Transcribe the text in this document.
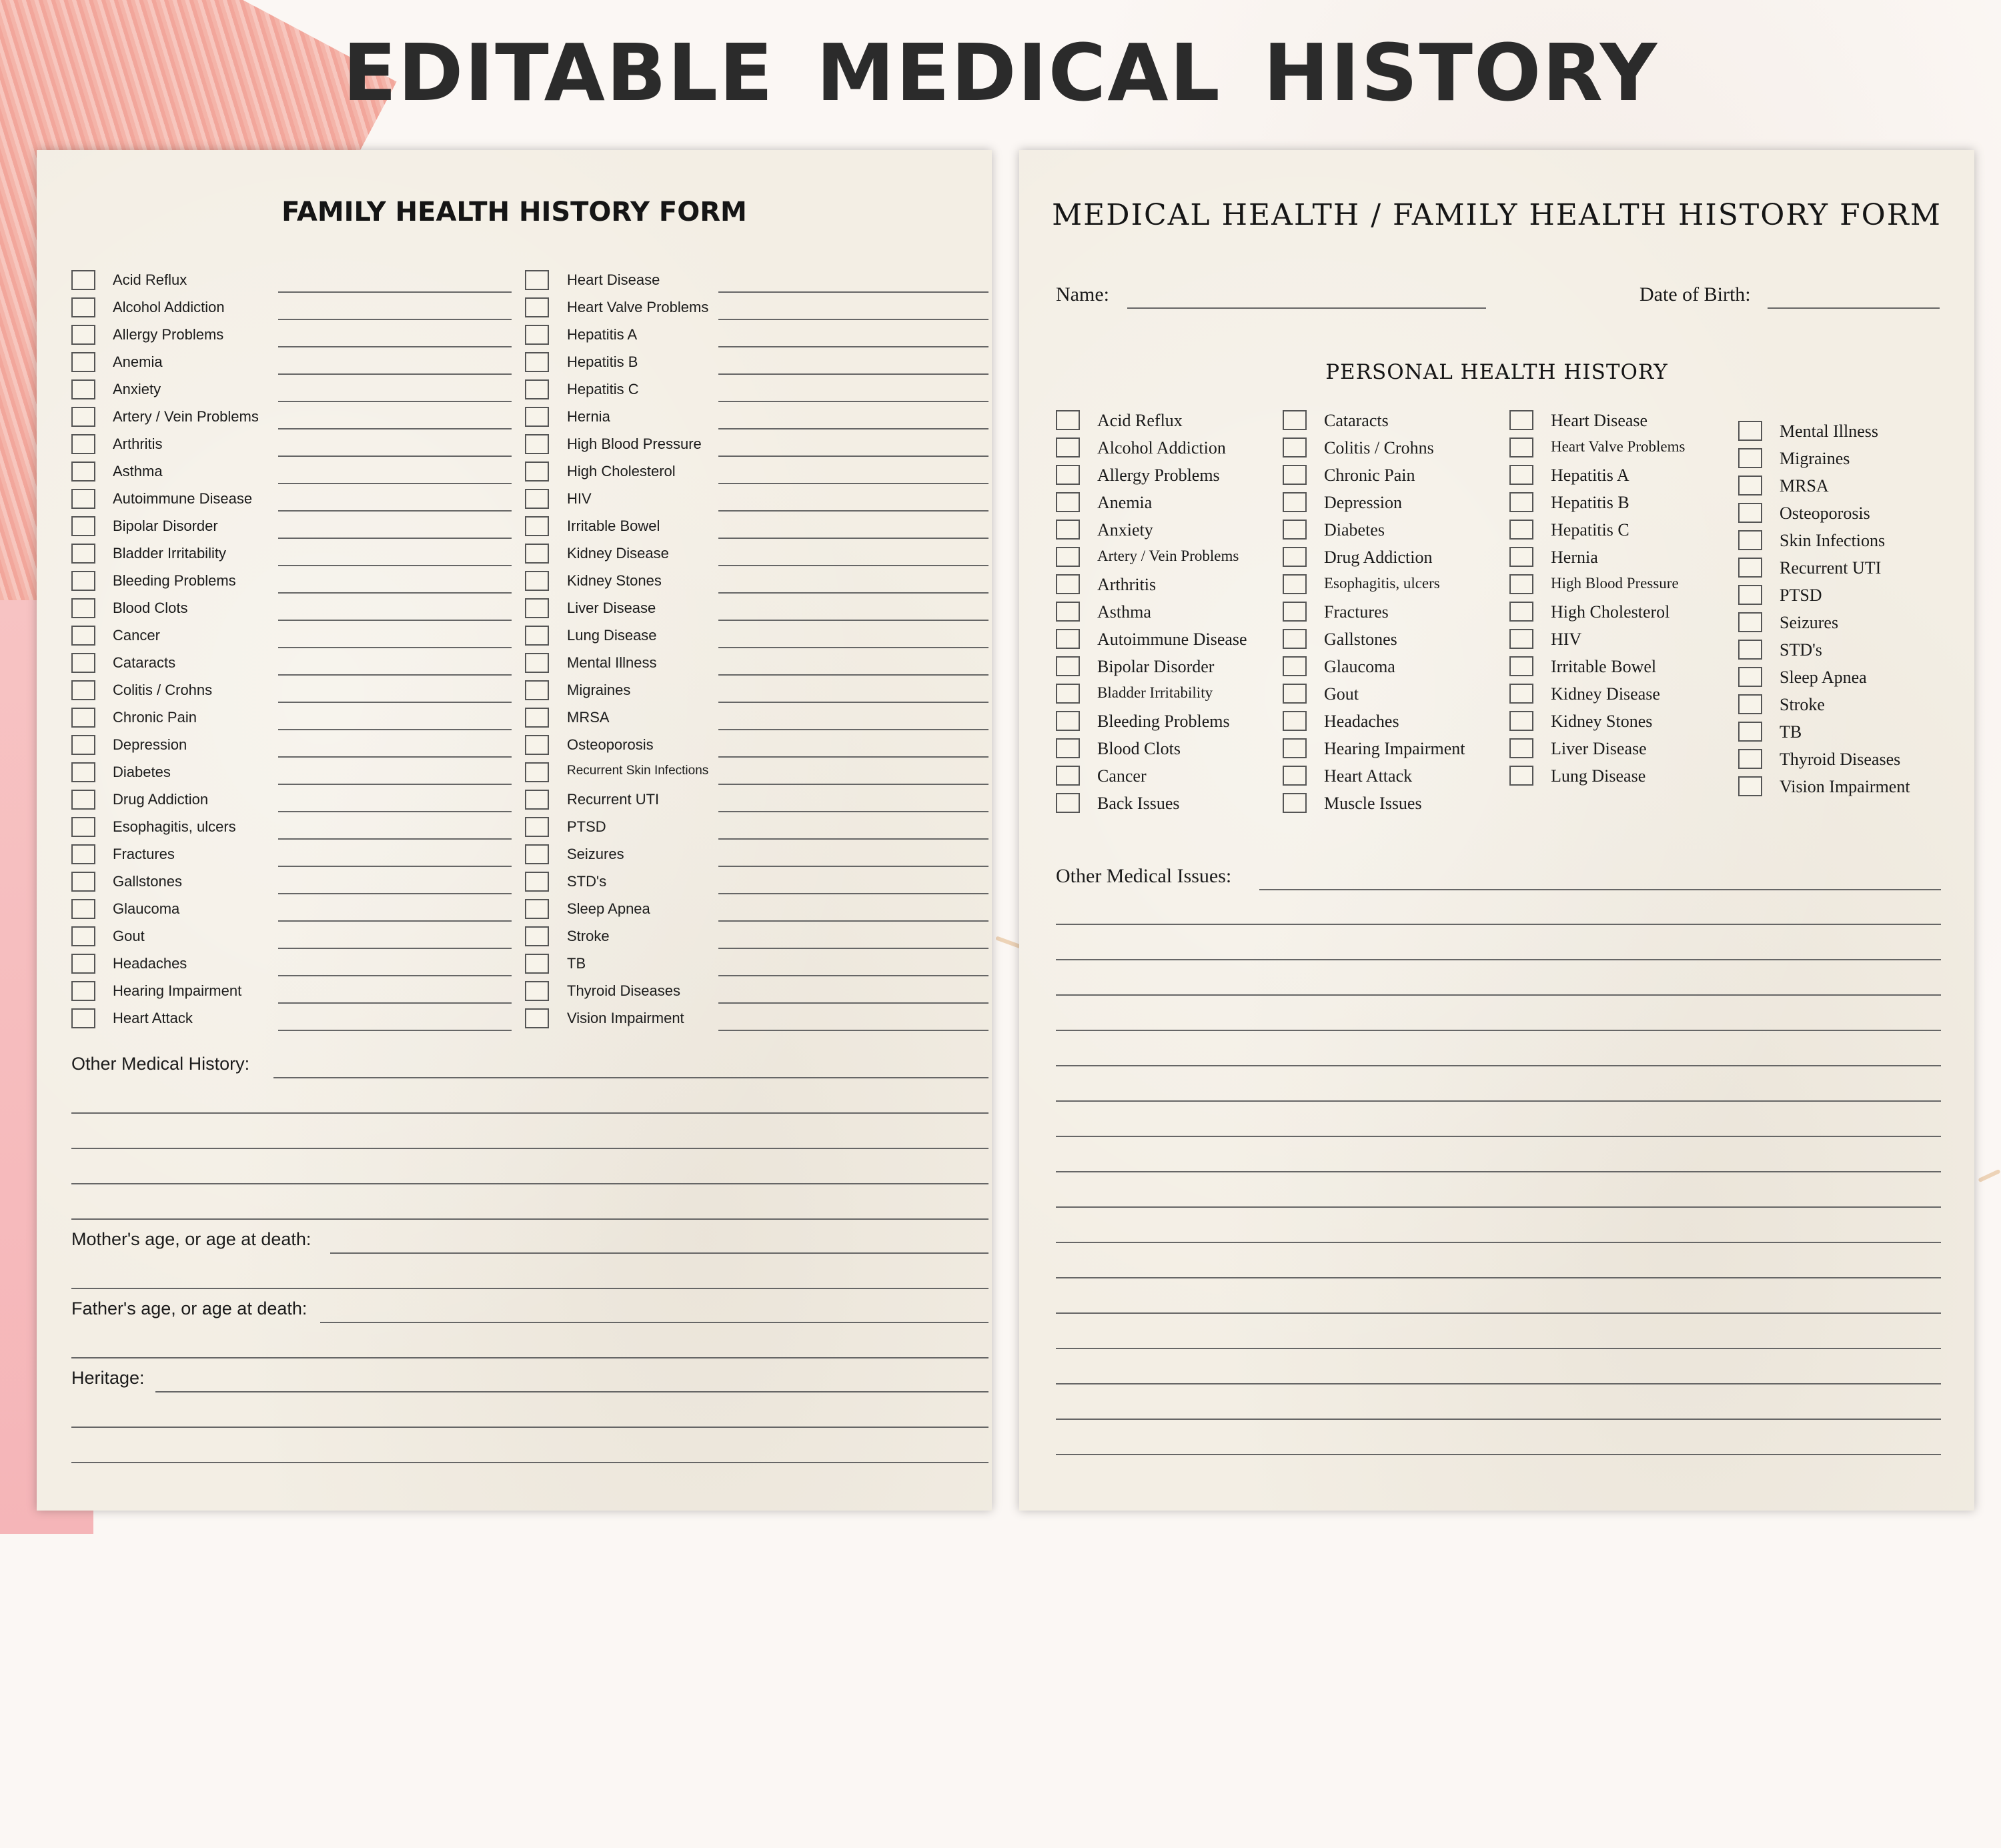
EDITABLE MEDICAL HISTORY
FAMILY HEALTH HISTORY FORM
Acid Reflux
Alcohol Addiction
Allergy Problems
Anemia
Anxiety
Artery / Vein Problems
Arthritis
Asthma
Autoimmune Disease
Bipolar Disorder
Bladder Irritability
Bleeding Problems
Blood Clots
Cancer
Cataracts
Colitis / Crohns
Chronic Pain
Depression
Diabetes
Drug Addiction
Esophagitis, ulcers
Fractures
Gallstones
Glaucoma
Gout
Headaches
Hearing Impairment
Heart Attack
Heart Disease
Heart Valve Problems
Hepatitis A
Hepatitis B
Hepatitis C
Hernia
High Blood Pressure
High Cholesterol
HIV
Irritable Bowel
Kidney Disease
Kidney Stones
Liver Disease
Lung Disease
Mental Illness
Migraines
MRSA
Osteoporosis
Recurrent Skin Infections
Recurrent UTI
PTSD
Seizures
STD's
Sleep Apnea
Stroke
TB
Thyroid Diseases
Vision Impairment
Other Medical History:
Mother's age, or age at death:
Father's age, or age at death:
Heritage:
MEDICAL HEALTH / FAMILY HEALTH HISTORY FORM
Name:	Date of Birth:
PERSONAL HEALTH HISTORY
Acid Reflux
Alcohol Addiction
Allergy Problems
Anemia
Anxiety
Artery / Vein Problems
Arthritis
Asthma
Autoimmune Disease
Bipolar Disorder
Bladder Irritability
Bleeding Problems
Blood Clots
Cancer
Back Issues
Cataracts
Colitis / Crohns
Chronic Pain
Depression
Diabetes
Drug Addiction
Esophagitis, ulcers
Fractures
Gallstones
Glaucoma
Gout
Headaches
Hearing Impairment
Heart Attack
Muscle Issues
Heart Disease
Heart Valve Problems
Hepatitis A
Hepatitis B
Hepatitis C
Hernia
High Blood Pressure
High Cholesterol
HIV
Irritable Bowel
Kidney Disease
Kidney Stones
Liver Disease
Lung Disease
Mental Illness
Migraines
MRSA
Osteoporosis
Skin Infections
Recurrent UTI
PTSD
Seizures
STD's
Sleep Apnea
Stroke
TB
Thyroid Diseases
Vision Impairment
Other Medical Issues:
